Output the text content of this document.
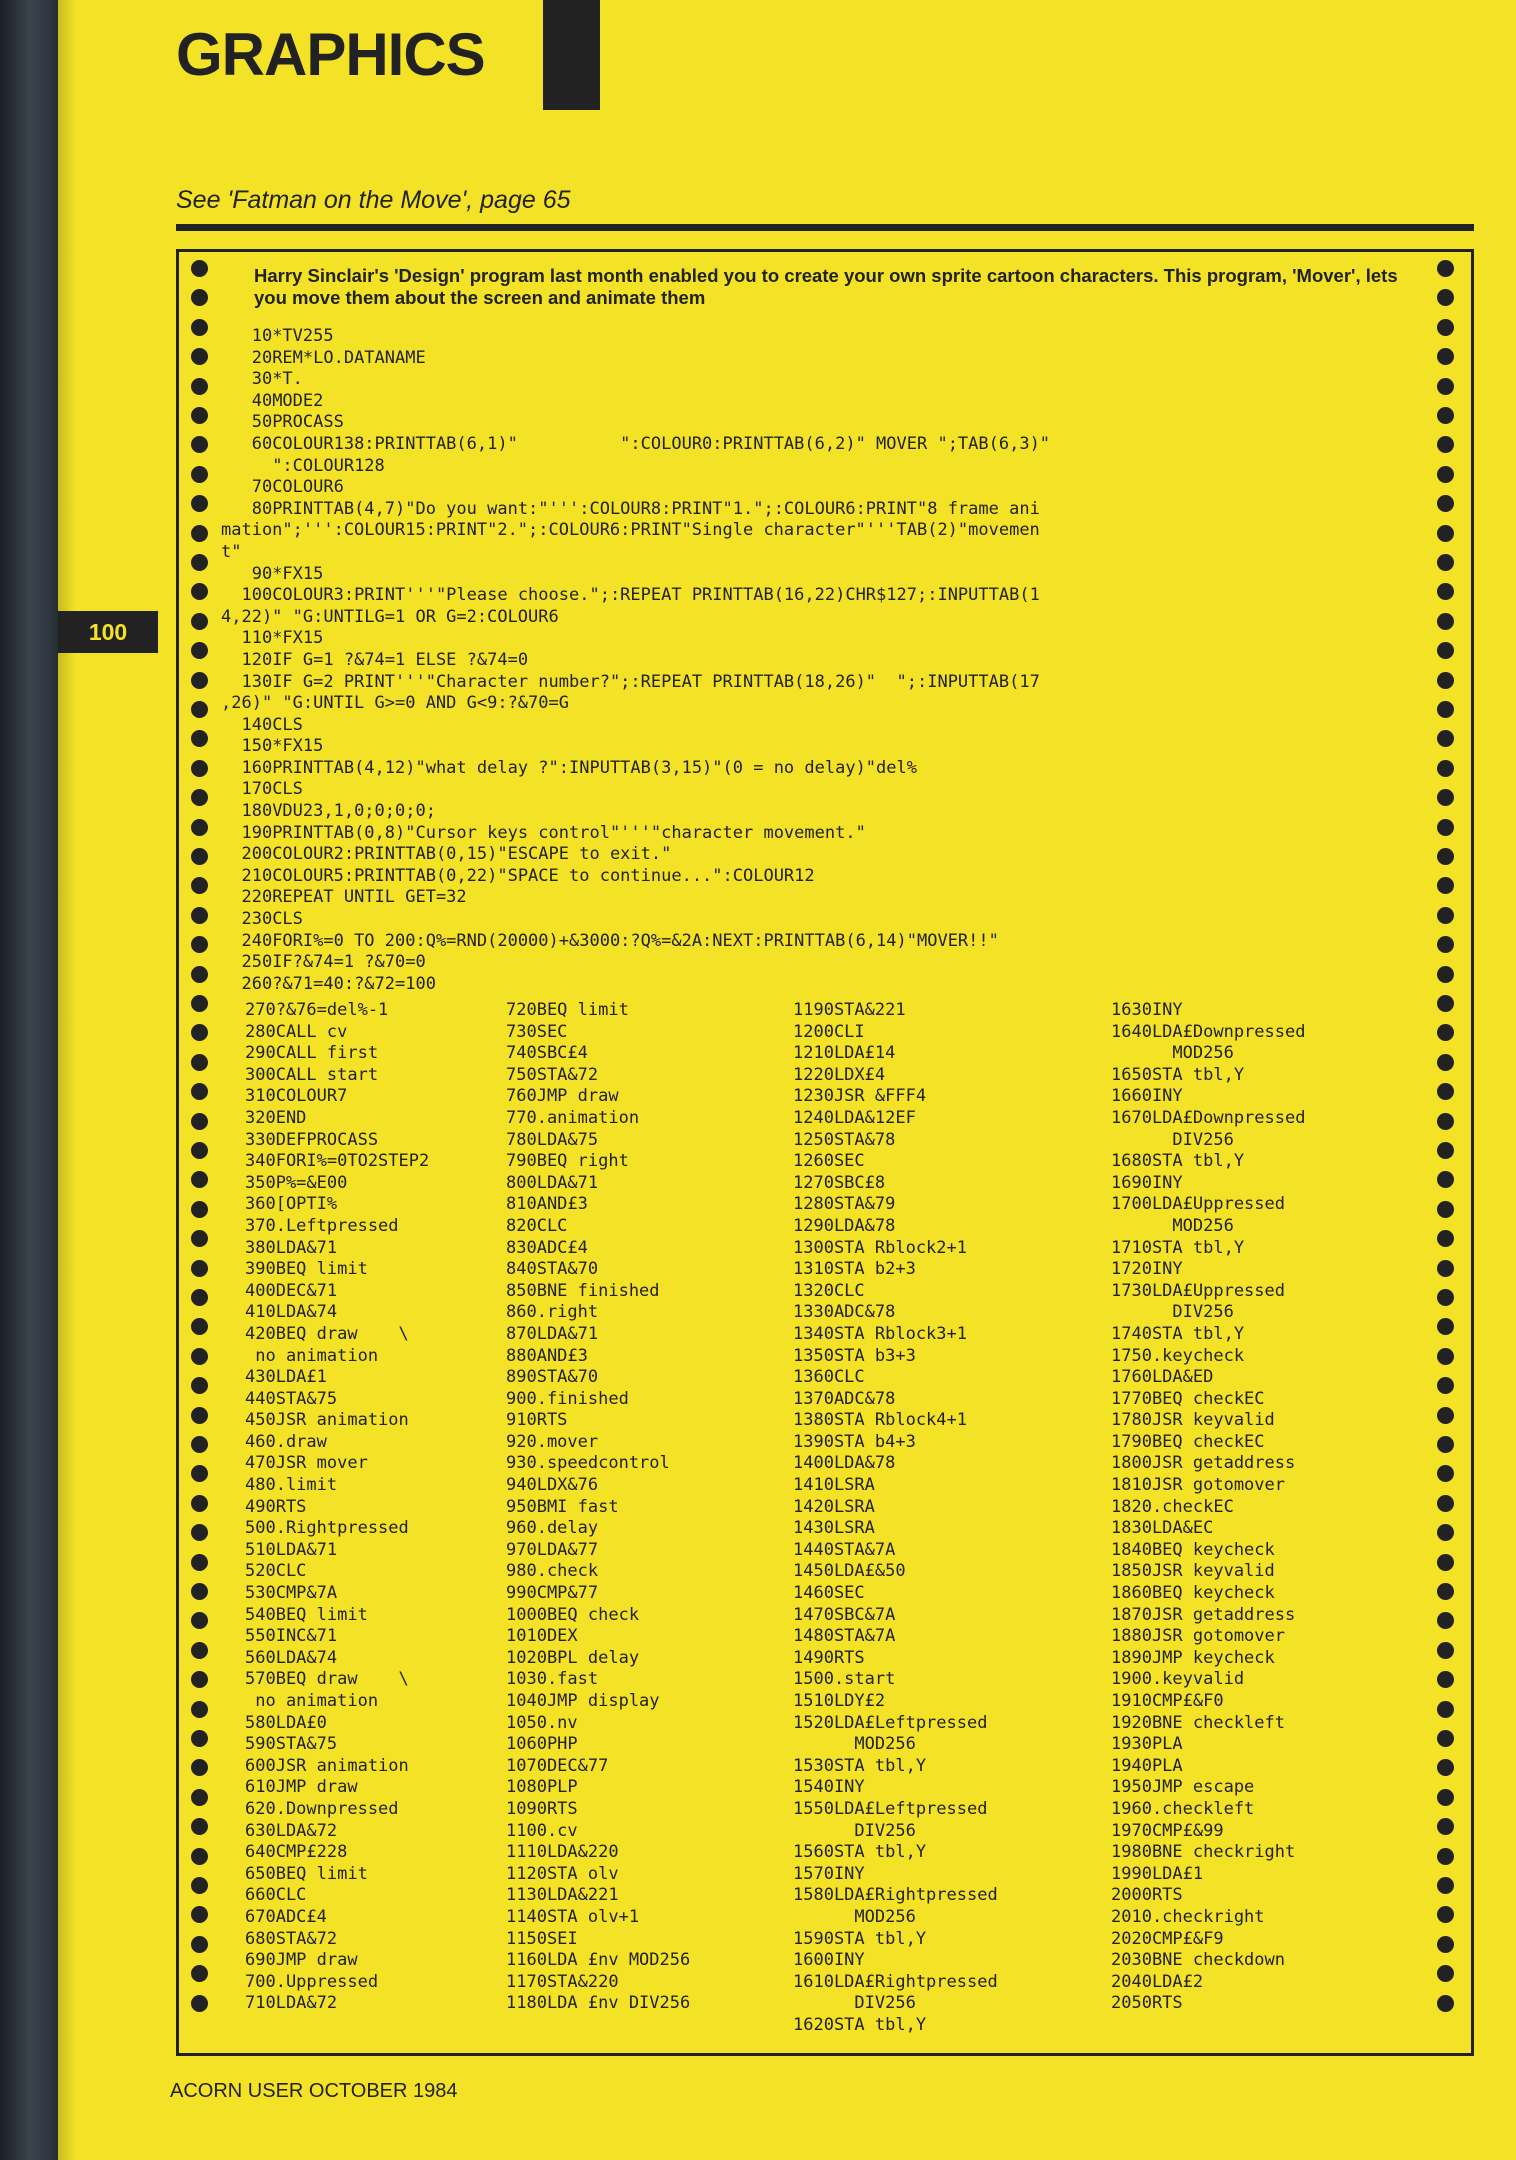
GRAPHICS
See 'Fatman on the Move', page 65
100

Harry Sinclair's 'Design' program last month enabled you to create your own sprite cartoon characters. This program, 'Mover', lets you move them about the screen and animate them

10*TV255
20REM*LO.DATANAME
30*T.
40MODE2
50PROCASS
60COLOUR138:PRINTTAB(6,1)"          ":COLOUR0:PRINTTAB(6,2)" MOVER ";TAB(6,3)"
":COLOUR128
70COLOUR6
80PRINTTAB(4,7)"Do you want:"''':COLOUR8:PRINT"1.";:COLOUR6:PRINT"8 frame ani
mation";''':COLOUR15:PRINT"2.";:COLOUR6:PRINT"Single character"'''TAB(2)"movemen
t"
90*FX15
100COLOUR3:PRINT'''"Please choose.";:REPEAT PRINTTAB(16,22)CHR$127;:INPUTTAB(1
4,22)" "G:UNTILG=1 OR G=2:COLOUR6
110*FX15
120IF G=1 ?&74=1 ELSE ?&74=0
130IF G=2 PRINT'''"Character number?";:REPEAT PRINTTAB(18,26)"  ";:INPUTTAB(17
,26)" "G:UNTIL G>=0 AND G<9:?&70=G
140CLS
150*FX15
160PRINTTAB(4,12)"what delay ?":INPUTTAB(3,15)"(0 = no delay)"del%
170CLS
180VDU23,1,0;0;0;0;
190PRINTTAB(0,8)"Cursor keys control"'''"character movement."
200COLOUR2:PRINTTAB(0,15)"ESCAPE to exit."
210COLOUR5:PRINTTAB(0,22)"SPACE to continue...":COLOUR12
220REPEAT UNTIL GET=32
230CLS
240FORI%=0 TO 200:Q%=RND(20000)+&3000:?Q%=&2A:NEXT:PRINTTAB(6,14)"MOVER!!"
250IF?&74=1 ?&70=0
260?&71=40:?&72=100
270?&76=del%-1
280CALL cv
290CALL first
300CALL start
310COLOUR7
320END
330DEFPROCASS
340FORI%=0TO2STEP2
350P%=&E00
360[OPTI%
370.Leftpressed
380LDA&71
390BEQ limit
400DEC&71
410LDA&74
420BEQ draw    \
no animation
430LDA£1
440STA&75
450JSR animation
460.draw
470JSR mover
480.limit
490RTS
500.Rightpressed
510LDA&71
520CLC
530CMP&7A
540BEQ limit
550INC&71
560LDA&74
570BEQ draw    \
no animation
580LDA£0
590STA&75
600JSR animation
610JMP draw
620.Downpressed
630LDA&72
640CMP£228
650BEQ limit
660CLC
670ADC£4
680STA&72
690JMP draw
700.Uppressed
710LDA&72
720BEQ limit
730SEC
740SBC£4
750STA&72
760JMP draw
770.animation
780LDA&75
790BEQ right
800LDA&71
810AND£3
820CLC
830ADC£4
840STA&70
850BNE finished
860.right
870LDA&71
880AND£3
890STA&70
900.finished
910RTS
920.mover
930.speedcontrol
940LDX&76
950BMI fast
960.delay
970LDA&77
980.check
990CMP&77
1000BEQ check
1010DEX
1020BPL delay
1030.fast
1040JMP display
1050.nv
1060PHP
1070DEC&77
1080PLP
1090RTS
1100.cv
1110LDA&220
1120STA olv
1130LDA&221
1140STA olv+1
1150SEI
1160LDA £nv MOD256
1170STA&220
1180LDA £nv DIV256
1190STA&221
1200CLI
1210LDA£14
1220LDX£4
1230JSR &FFF4
1240LDA&12EF
1250STA&78
1260SEC
1270SBC£8
1280STA&79
1290LDA&78
1300STA Rblock2+1
1310STA b2+3
1320CLC
1330ADC&78
1340STA Rblock3+1
1350STA b3+3
1360CLC
1370ADC&78
1380STA Rblock4+1
1390STA b4+3
1400LDA&78
1410LSRA
1420LSRA
1430LSRA
1440STA&7A
1450LDA£&50
1460SEC
1470SBC&7A
1480STA&7A
1490RTS
1500.start
1510LDY£2
1520LDA£Leftpressed
MOD256
1530STA tbl,Y
1540INY
1550LDA£Leftpressed
DIV256
1560STA tbl,Y
1570INY
1580LDA£Rightpressed
MOD256
1590STA tbl,Y
1600INY
1610LDA£Rightpressed
DIV256
1620STA tbl,Y
1630INY
1640LDA£Downpressed
MOD256
1650STA tbl,Y
1660INY
1670LDA£Downpressed
DIV256
1680STA tbl,Y
1690INY
1700LDA£Uppressed
MOD256
1710STA tbl,Y
1720INY
1730LDA£Uppressed
DIV256
1740STA tbl,Y
1750.keycheck
1760LDA&ED
1770BEQ checkEC
1780JSR keyvalid
1790BEQ checkEC
1800JSR getaddress
1810JSR gotomover
1820.checkEC
1830LDA&EC
1840BEQ keycheck
1850JSR keyvalid
1860BEQ keycheck
1870JSR getaddress
1880JSR gotomover
1890JMP keycheck
1900.keyvalid
1910CMP£&F0
1920BNE checkleft
1930PLA
1940PLA
1950JMP escape
1960.checkleft
1970CMP£&99
1980BNE checkright
1990LDA£1
2000RTS
2010.checkright
2020CMP£&F9
2030BNE checkdown
2040LDA£2
2050RTS
ACORN USER OCTOBER 1984
